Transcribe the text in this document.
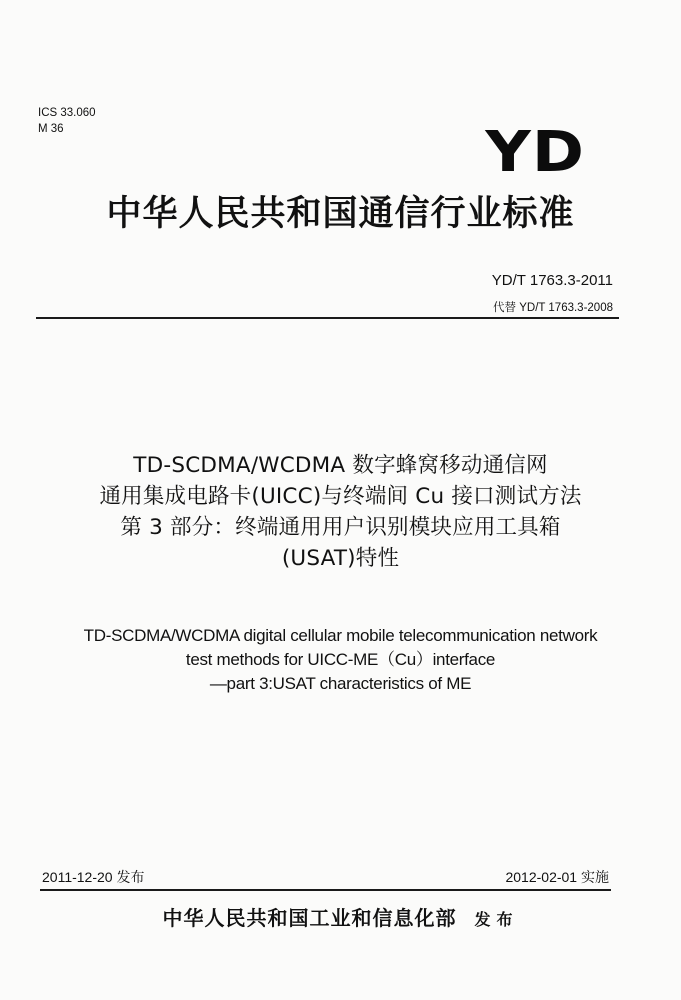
ICS 33.060
M 36	YD
中华人民共和国通信行业标准
YD/T 1763.3-2011
代替 YD/T 1763.3-2008
TD-SCDMA/WCDMA 数字蜂窝移动通信网
通用集成电路卡(UICC)与终端间 Cu 接口测试方法
第 3 部分：终端通用用户识别模块应用工具箱
(USAT)特性
TD-SCDMA/WCDMA digital cellular mobile telecommunication network
test methods for UICC-ME（Cu）interface
—part 3:USAT characteristics of ME
2011-12-20 发布	2012-02-01 实施
中华人民共和国工业和信息化部 发布
